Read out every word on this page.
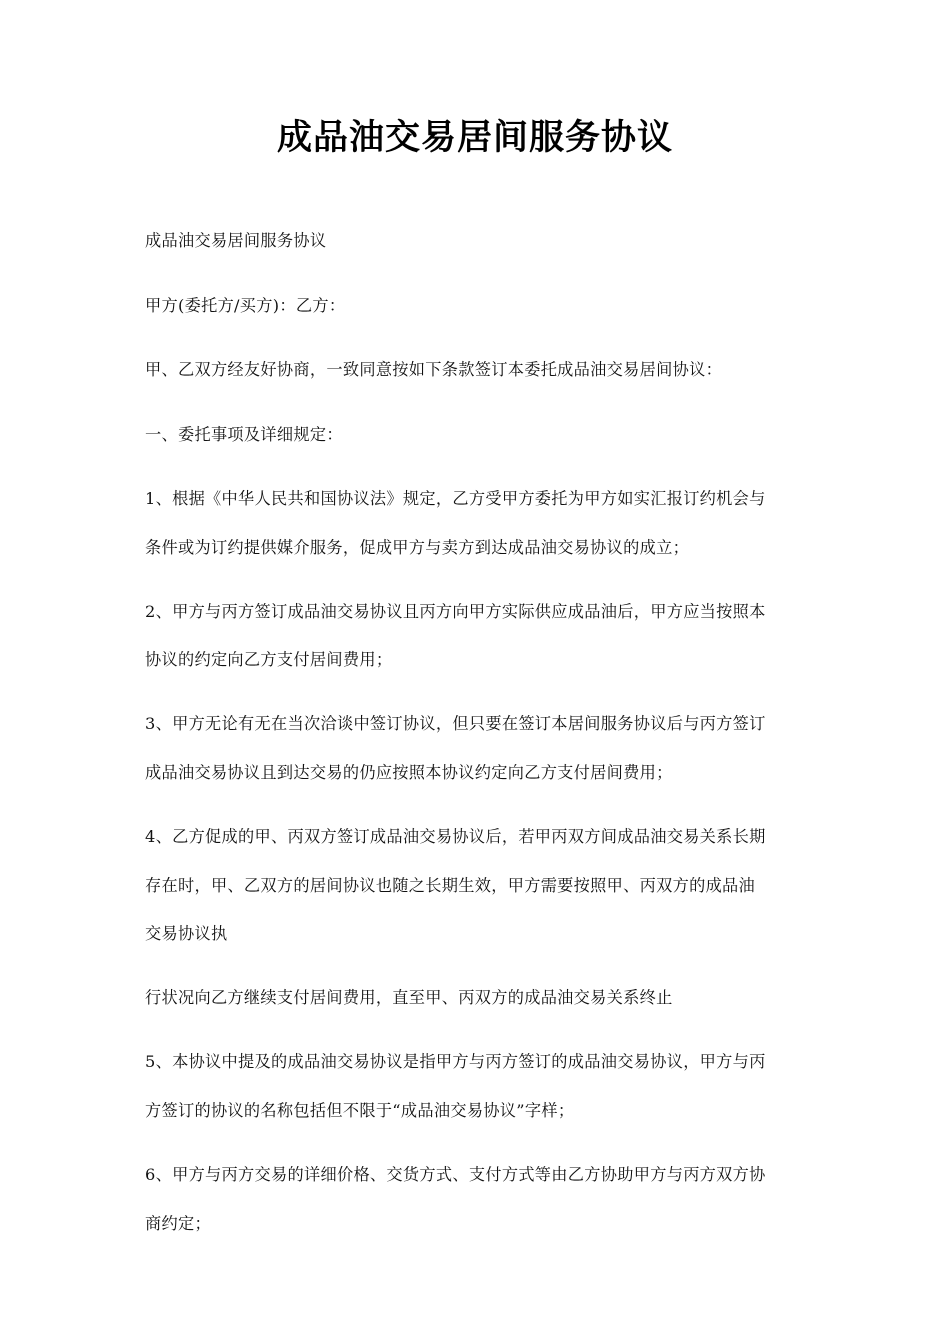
成品油交易居间服务协议
成品油交易居间服务协议
甲方(委托方/买方)：乙方：
甲、乙双方经友好协商，一致同意按如下条款签订本委托成品油交易居间协议：
一、委托事项及详细规定：
1、根据《中华人民共和国协议法》规定，乙方受甲方委托为甲方如实汇报订约机会与
条件或为订约提供媒介服务，促成甲方与卖方到达成品油交易协议的成立；
2、甲方与丙方签订成品油交易协议且丙方向甲方实际供应成品油后，甲方应当按照本
协议的约定向乙方支付居间费用；
3、甲方无论有无在当次洽谈中签订协议，但只要在签订本居间服务协议后与丙方签订
成品油交易协议且到达交易的仍应按照本协议约定向乙方支付居间费用；
4、乙方促成的甲、丙双方签订成品油交易协议后，若甲丙双方间成品油交易关系长期
存在时，甲、乙双方的居间协议也随之长期生效，甲方需要按照甲、丙双方的成品油
交易协议执
行状况向乙方继续支付居间费用，直至甲、丙双方的成品油交易关系终止
5、本协议中提及的成品油交易协议是指甲方与丙方签订的成品油交易协议，甲方与丙
方签订的协议的名称包括但不限于“成品油交易协议”字样；
6、甲方与丙方交易的详细价格、交货方式、支付方式等由乙方协助甲方与丙方双方协
商约定；
